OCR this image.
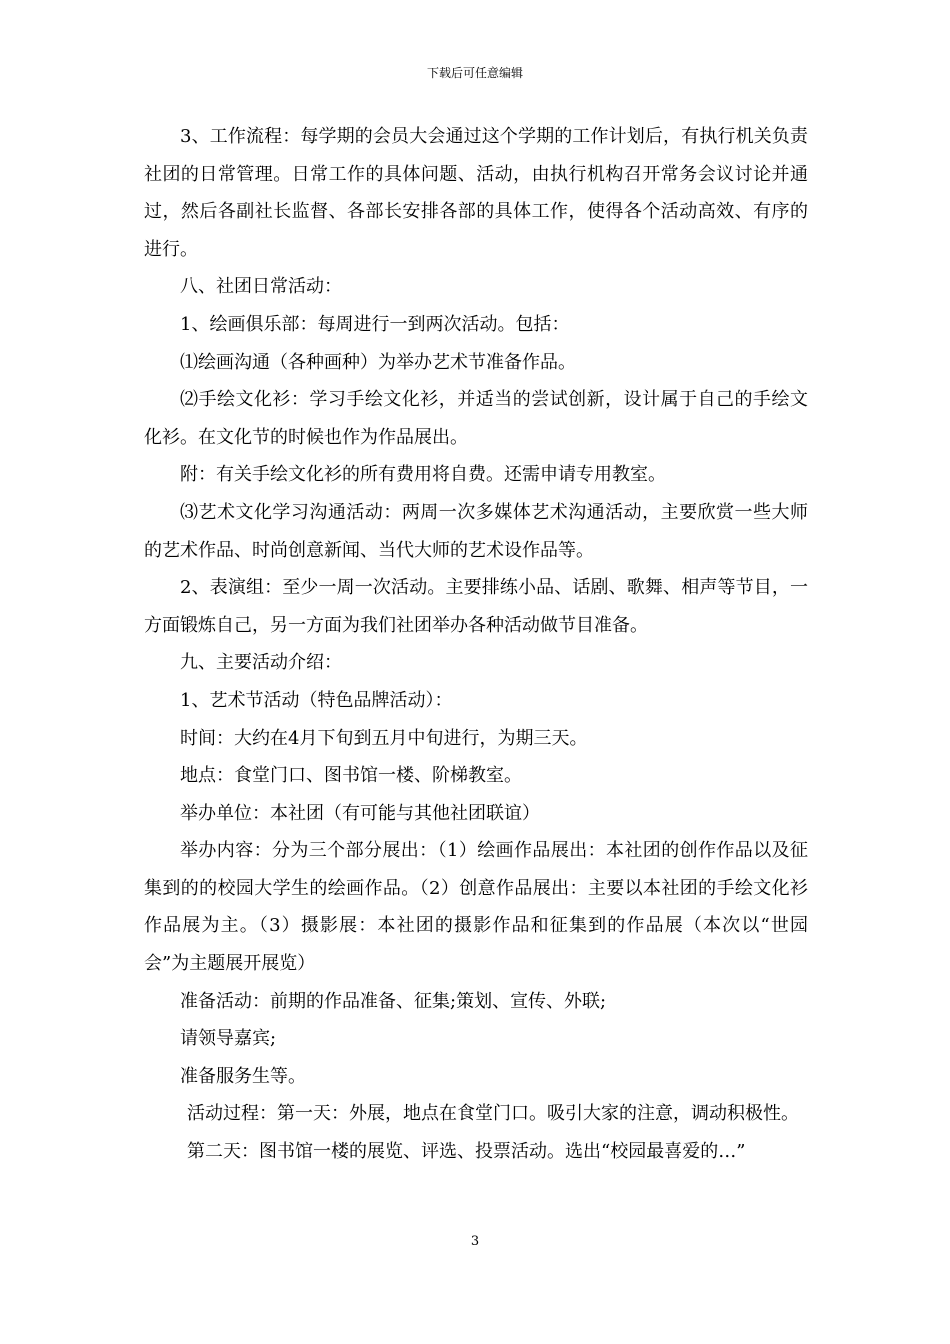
下载后可任意编辑

3、工作流程：每学期的会员大会通过这个学期的工作计划后，有执行机关负责社团的日常管理。日常工作的具体问题、活动，由执行机构召开常务会议讨论并通过，然后各副社长监督、各部长安排各部的具体工作，使得各个活动高效、有序的进行。

八、社团日常活动：

1、绘画俱乐部：每周进行一到两次活动。包括：

⑴绘画沟通（各种画种）为举办艺术节准备作品。

⑵手绘文化衫：学习手绘文化衫，并适当的尝试创新，设计属于自己的手绘文化衫。在文化节的时候也作为作品展出。

附：有关手绘文化衫的所有费用将自费。还需申请专用教室。

⑶艺术文化学习沟通活动：两周一次多媒体艺术沟通活动，主要欣赏一些大师的艺术作品、时尚创意新闻、当代大师的艺术设作品等。

2、表演组：至少一周一次活动。主要排练小品、话剧、歌舞、相声等节目，一方面锻炼自己，另一方面为我们社团举办各种活动做节目准备。

九、主要活动介绍：

1、艺术节活动（特色品牌活动）：

时间：大约在4月下旬到五月中旬进行，为期三天。

地点：食堂门口、图书馆一楼、阶梯教室。

举办单位：本社团（有可能与其他社团联谊）

举办内容：分为三个部分展出：（1）绘画作品展出：本社团的创作作品以及征集到的的校园大学生的绘画作品。（2）创意作品展出：主要以本社团的手绘文化衫作品展为主。（3）摄影展：本社团的摄影作品和征集到的作品展（本次以“世园会”为主题展开展览）

准备活动：前期的作品准备、征集;策划、宣传、外联;

请领导嘉宾;

准备服务生等。

活动过程：第一天：外展，地点在食堂门口。吸引大家的注意，调动积极性。

第二天：图书馆一楼的展览、评选、投票活动。选出“校园最喜爱的…”

3
